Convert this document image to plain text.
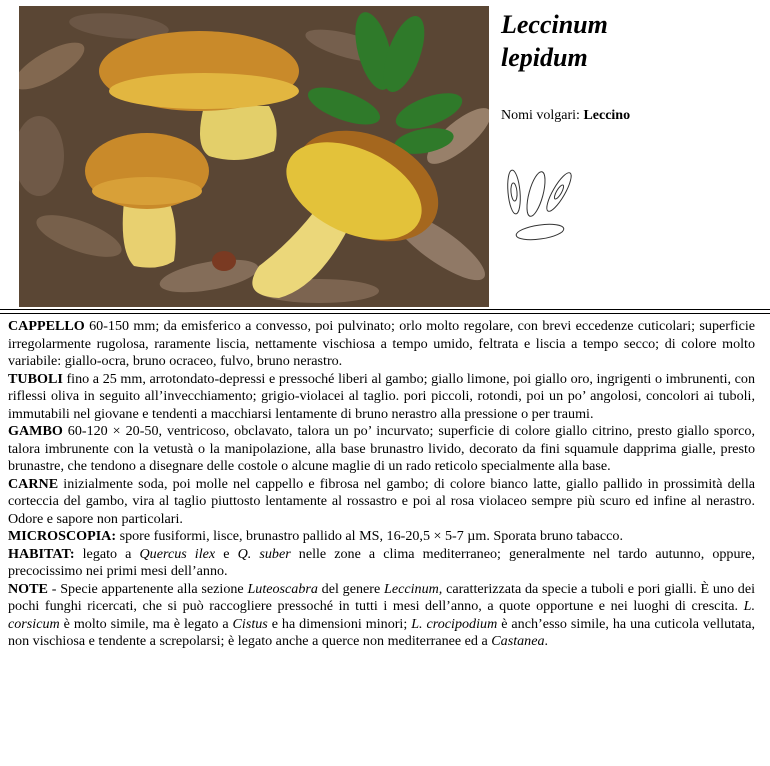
Leccinum
lepidum
Nomi volgari: Leccino

CAPPELLO 60-150 mm; da emisferico a convesso, poi pulvinato; orlo molto regolare, con brevi eccedenze cuticolari; superficie irregolarmente rugolosa, raramente liscia, nettamente vischiosa a tempo umido, feltrata e liscia a tempo secco; di colore molto variabile: giallo-ocra, bruno ocraceo, fulvo, bruno nerastro.

TUBOLI fino a 25 mm, arrotondato-depressi e pressoché liberi al gambo; giallo limone, poi giallo oro, ingrigenti o imbrunenti, con riflessi oliva in seguito all’invecchiamento; grigio-violacei al taglio. pori piccoli, rotondi, poi un po’ angolosi, concolori ai tuboli, immutabili nel giovane e tendenti a macchiarsi lentamente di bruno nerastro alla pressione o per traumi.

GAMBO 60-120 × 20-50, ventricoso, obclavato, talora un po’ incurvato; superficie di colore giallo citrino, presto giallo sporco, talora imbrunente con la vetustà o la manipolazione, alla base brunastro livido, decorato da fini squamule dapprima gialle, presto brunastre, che tendono a disegnare delle costole o alcune maglie di un rado reticolo specialmente alla base.

CARNE inizialmente soda, poi molle nel cappello e fibrosa nel gambo; di colore bianco latte, giallo pallido in prossimità della corteccia del gambo, vira al taglio piuttosto lentamente al rossastro e poi al rosa violaceo sempre più scuro ed infine al nerastro. Odore e sapore non particolari.

MICROSCOPIA: spore fusiformi, lisce, brunastro pallido al MS, 16-20,5 × 5-7 µm. Sporata bruno tabacco.

HABITAT: legato a Quercus ilex e Q. suber nelle zone a clima mediterraneo; generalmente nel tardo autunno, oppure, precocissimo nei primi mesi dell’anno.

NOTE - Specie appartenente alla sezione Luteoscabra del genere Leccinum, caratterizzata da specie a tuboli e pori gialli. È uno dei pochi funghi ricercati, che si può raccogliere pressoché in tutti i mesi dell’anno, a quote opportune e nei luoghi di crescita. L. corsicum è molto simile, ma è legato a Cistus e ha dimensioni minori; L. crocipodium è anch’esso simile, ha una cuticola vellutata, non vischiosa e tendente a screpolarsi; è legato anche a querce non mediterranee ed a Castanea.
